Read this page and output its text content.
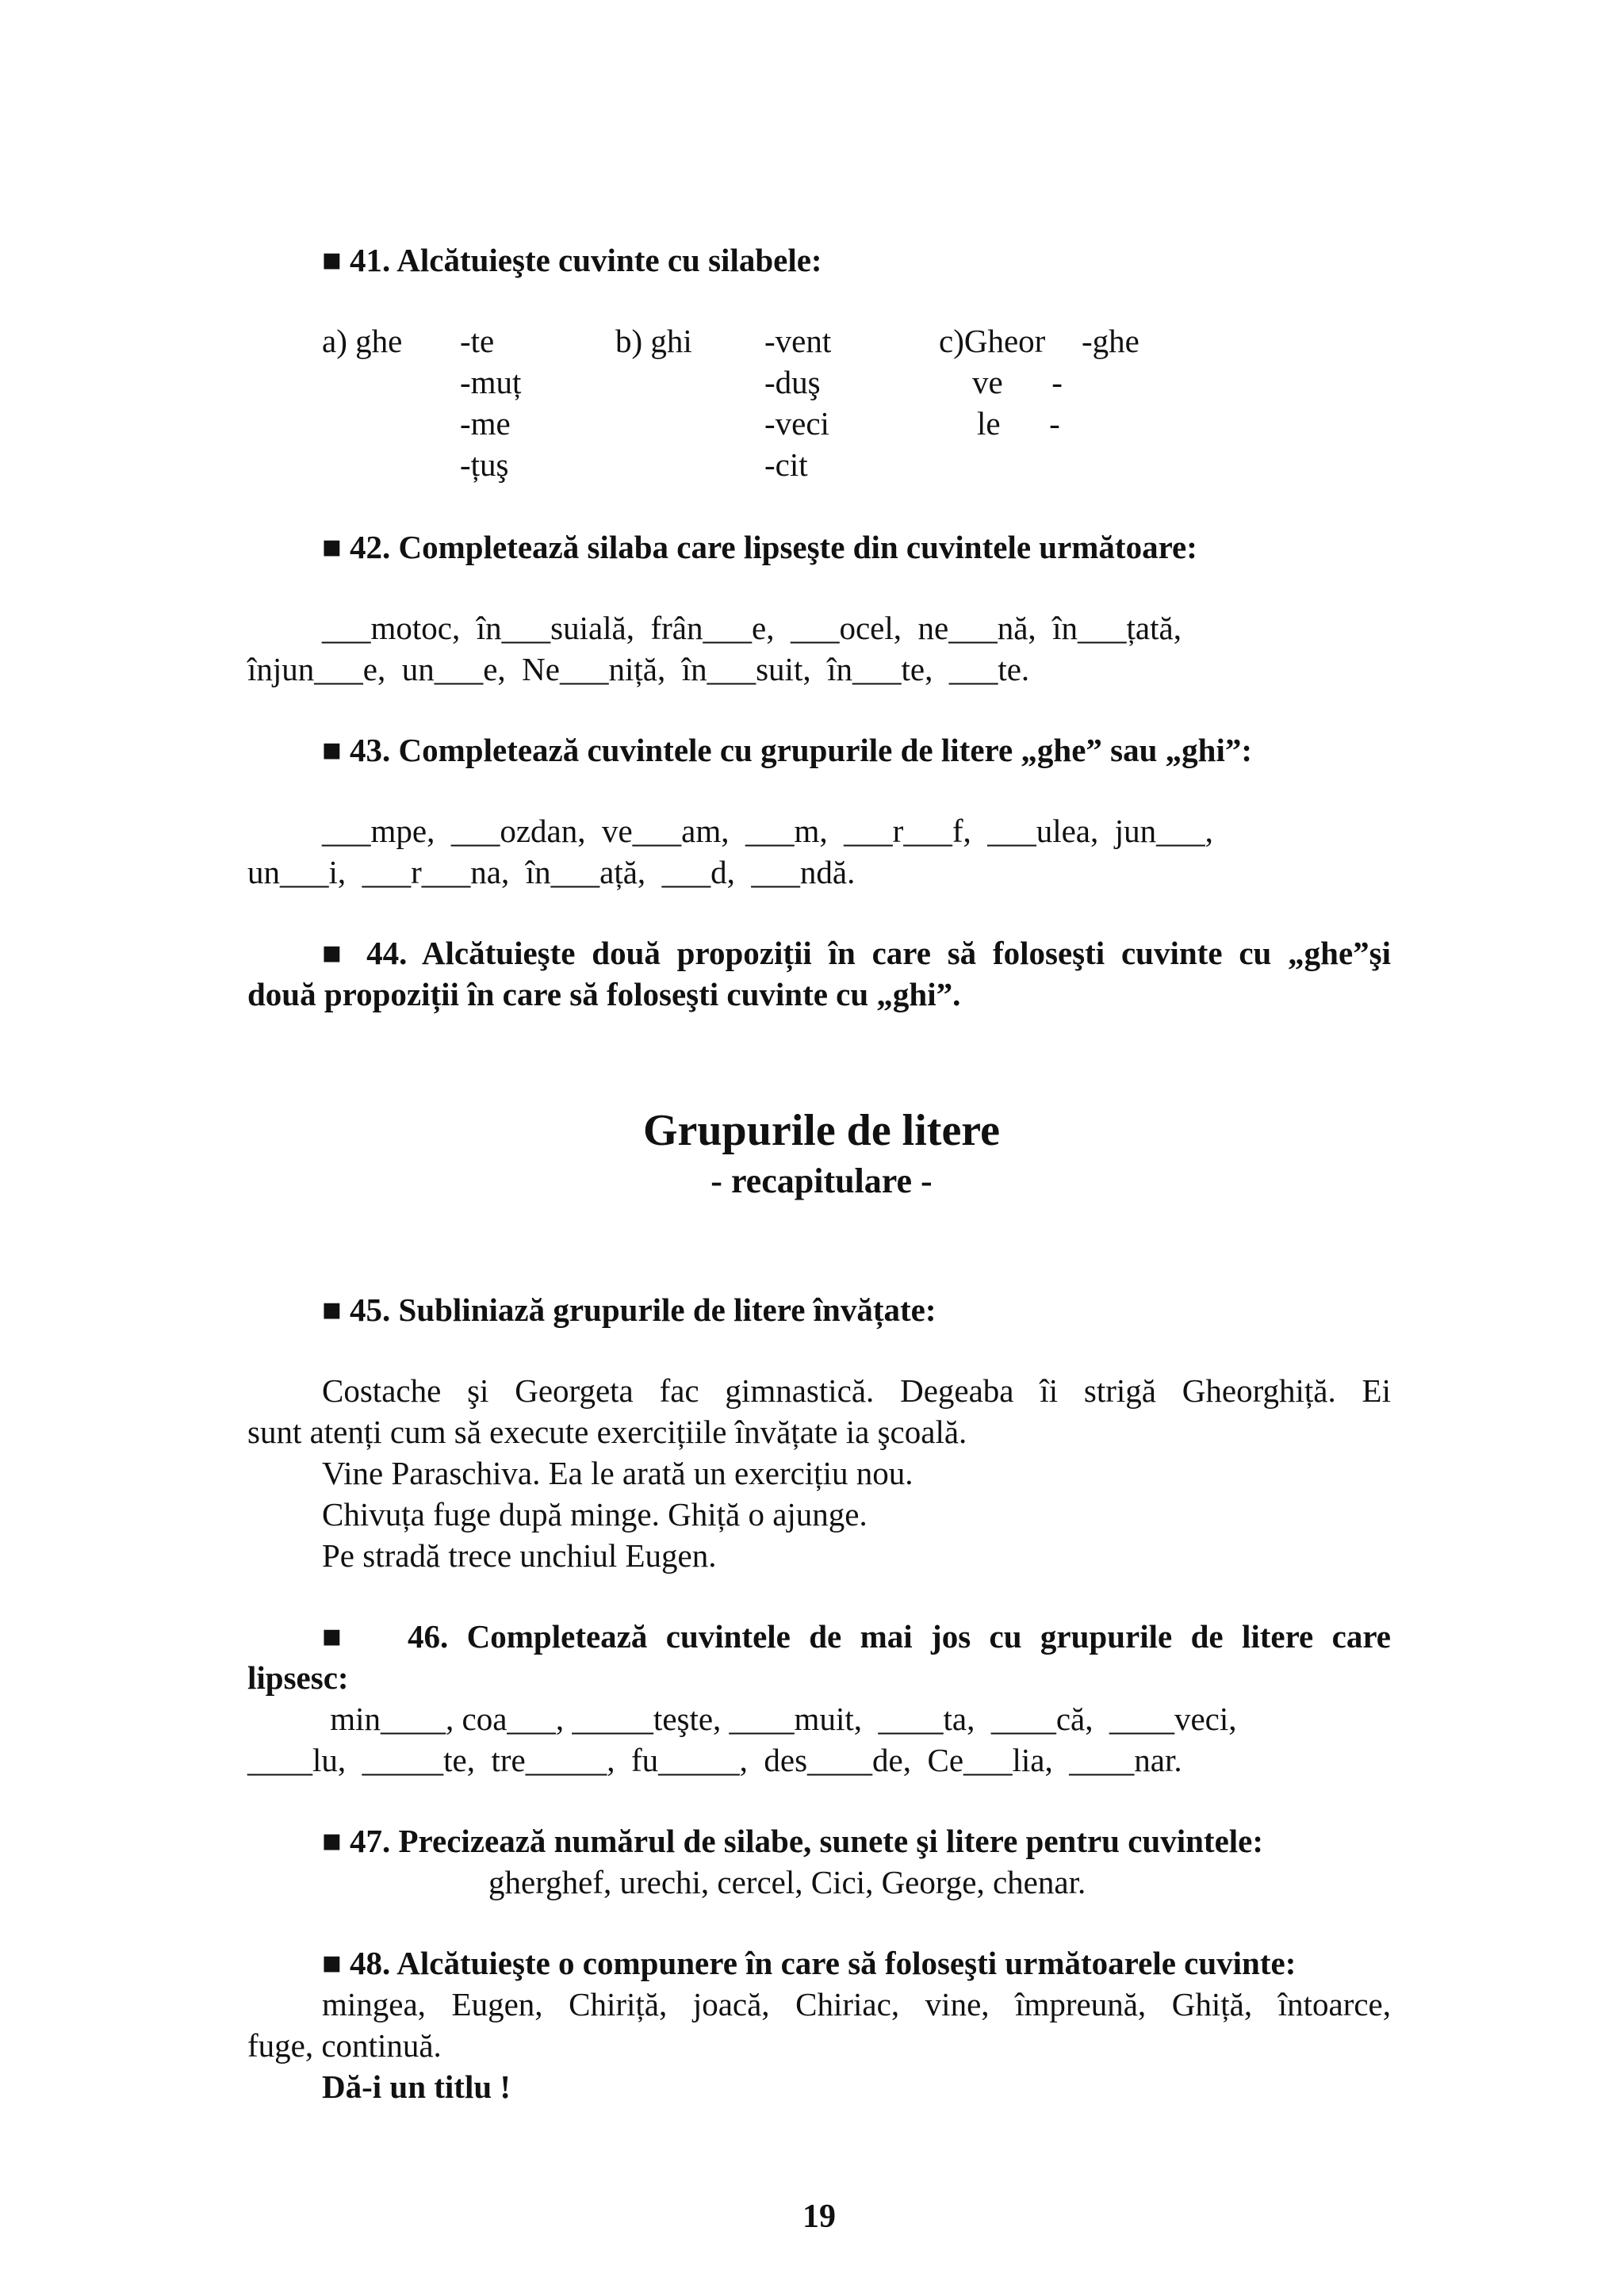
■ 41. Alcătuieşte cuvinte cu silabele:
a) ghe -te
-muț
-me
-țuş
b) ghi -vent
-duş
-veci
-cit
c)Gheor -ghe
ve      -
le      -
■ 42. Completează silaba care lipseşte din cuvintele următoare:
___motoc,  în___suială,  frân___e,  ___ocel,  ne___nă,  în___țată,
înjun___e,  un___e,  Ne___niță,  în___suit,  în___te,  ___te.
■ 43. Completează cuvintele cu grupurile de litere „ghe” sau „ghi”:
___mpe,  ___ozdan,  ve___am,  ___m,  ___r___f,  ___ulea,  jun___,
un___i,  ___r___na,  în___ață,  ___d,  ___ndă.
■ 44. Alcătuieşte două propoziții în care să foloseşti cuvinte cu „ghe”şi
două propoziții în care să foloseşti cuvinte cu „ghi”.
Grupurile de litere
- recapitulare -
■ 45. Subliniază grupurile de litere învățate:
Costache şi Georgeta fac gimnastică. Degeaba îi strigă Gheorghiță. Ei
sunt atenți cum să execute exercițiile învățate ia şcoală.
Vine Paraschiva. Ea le arată un exercițiu nou.
Chivuța fuge după minge. Ghiță o ajunge.
Pe stradă trece unchiul Eugen.
■   46. Completează cuvintele de mai jos cu grupurile de litere care
lipsesc:
min____, coa___, _____teşte, ____muit,  ____ta,  ____că,  ____veci,
____lu,  _____te,  tre_____,  fu_____,  des____de,  Ce___lia,  ____nar.
■ 47. Precizează numărul de silabe, sunete şi litere pentru cuvintele:
gherghef, urechi, cercel, Cici, George, chenar.
■ 48. Alcătuieşte o compunere în care să foloseşti următoarele cuvinte:
mingea, Eugen, Chiriță, joacă, Chiriac, vine, împreună, Ghiță, întoarce,
fuge, continuă.
Dă-i un titlu !
19
